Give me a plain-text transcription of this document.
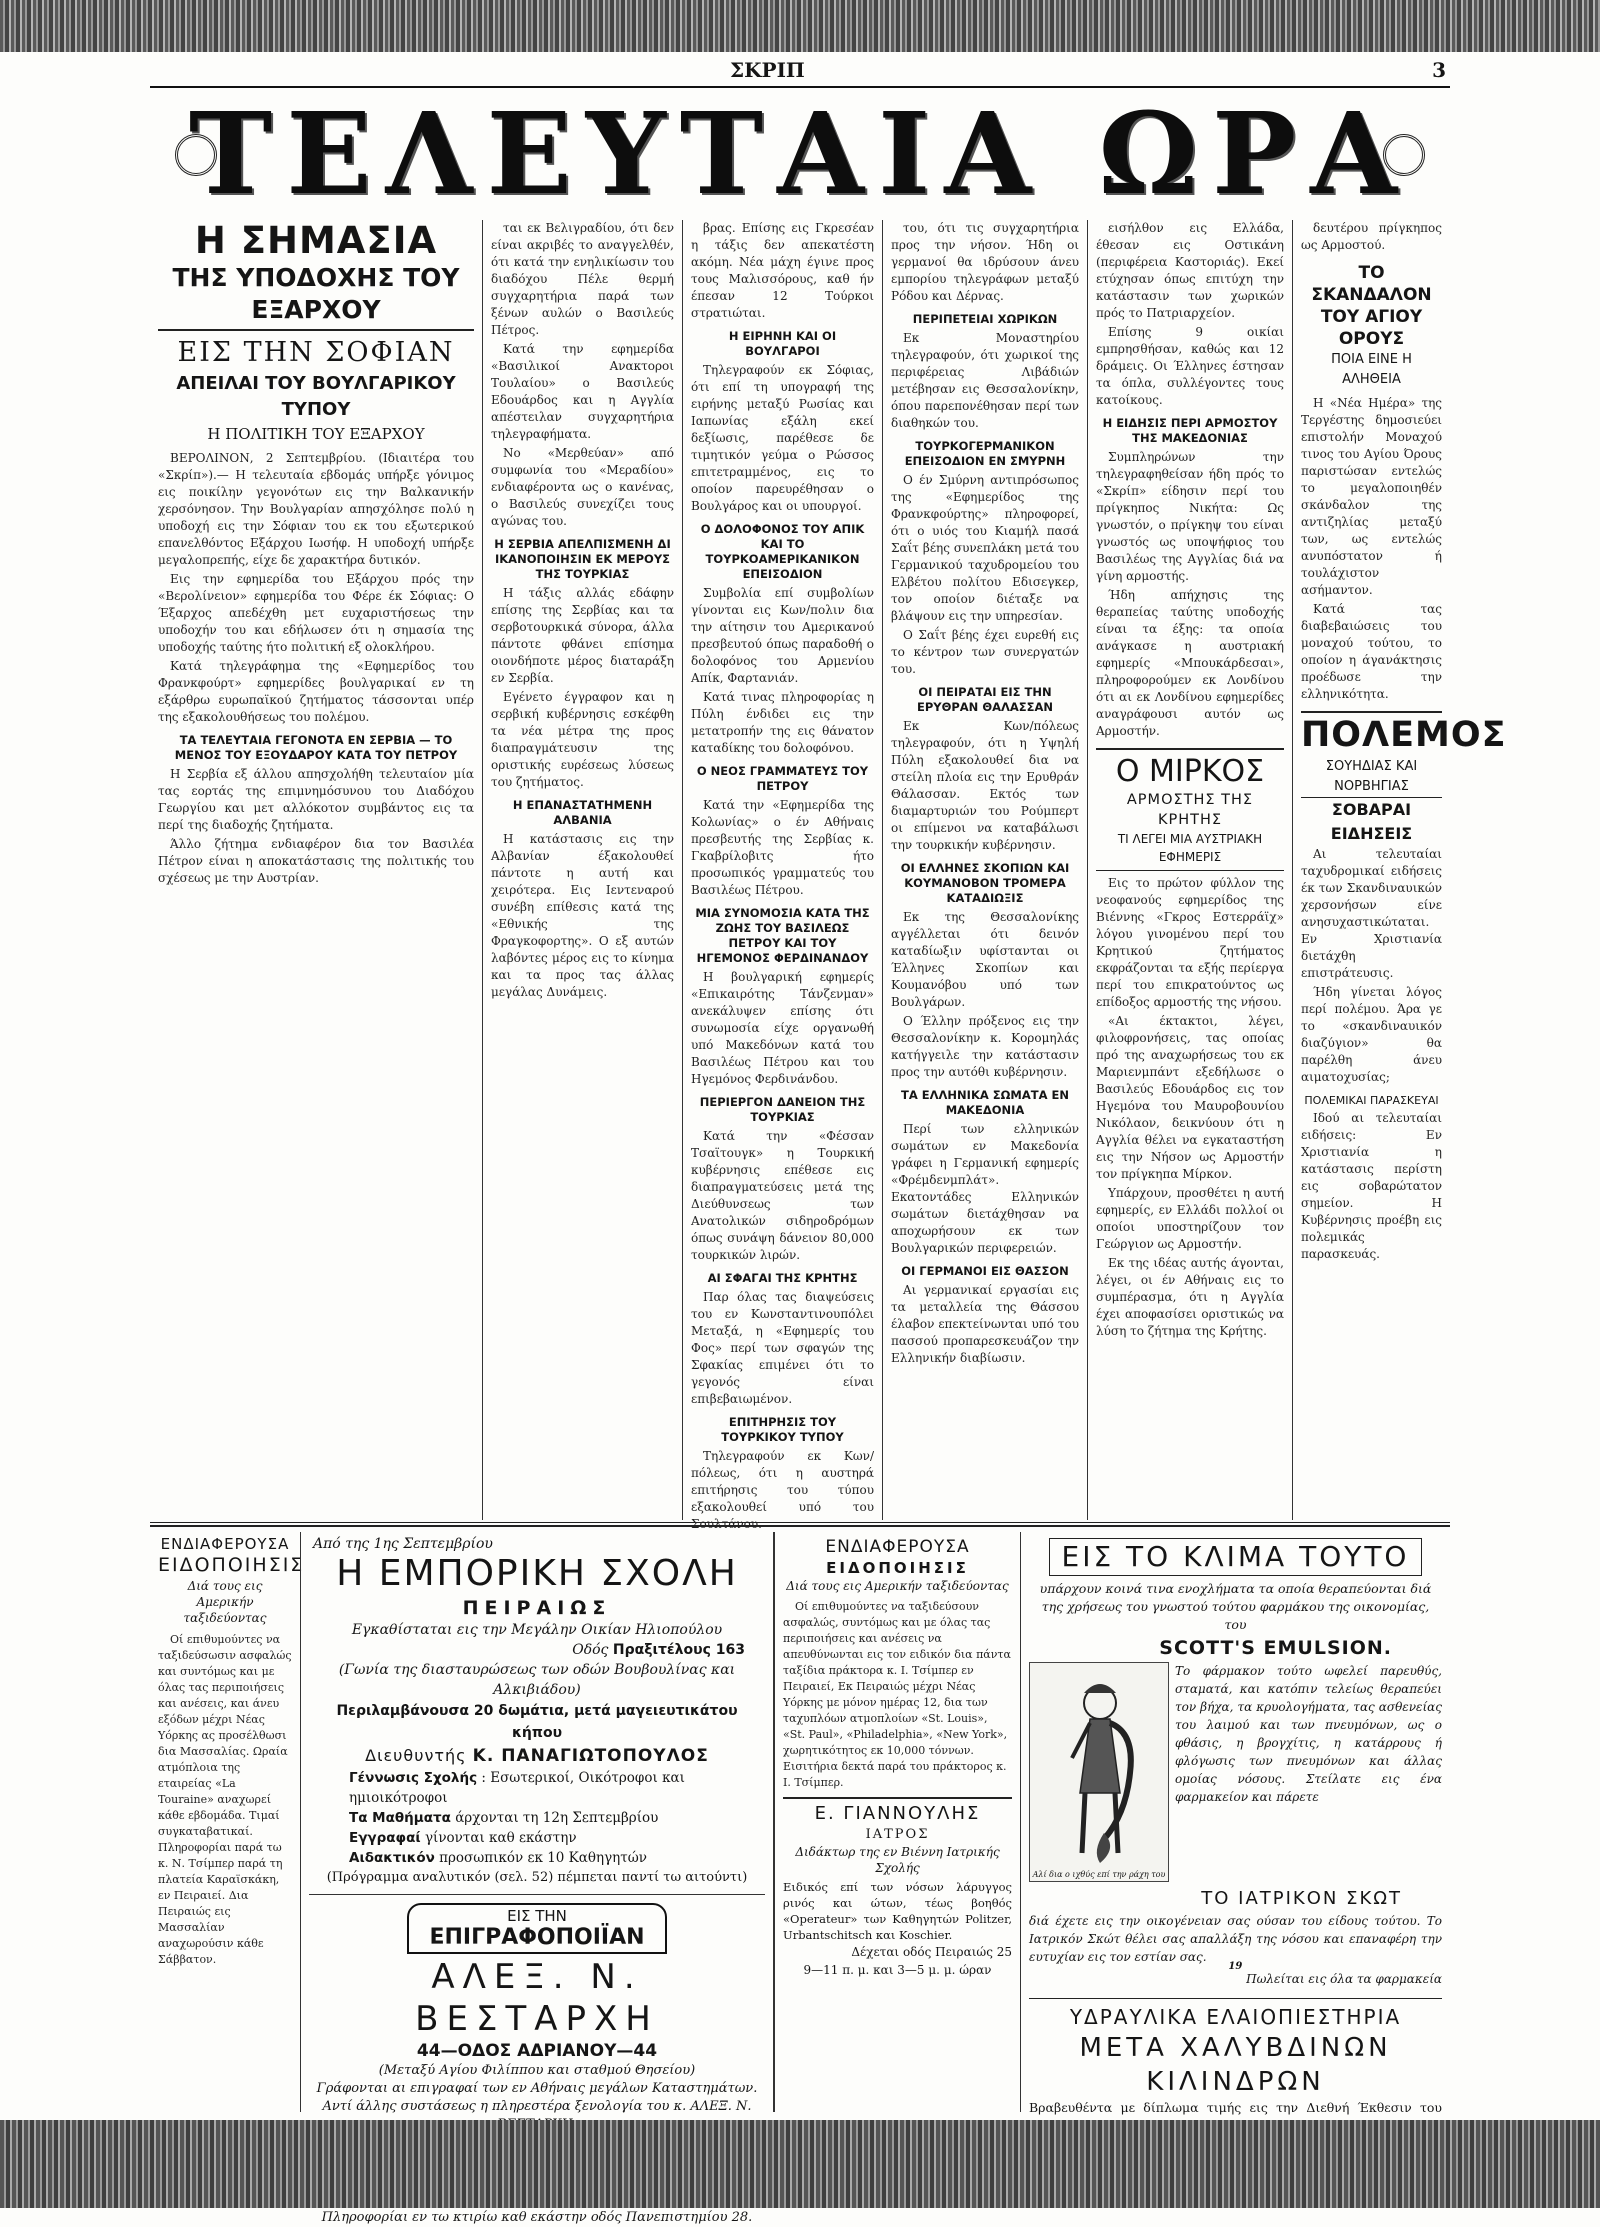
ΣΚΡΙΠ	3
ΤΕΛΕΥΤΑΙΑ ΩΡΑ
Η ΣΗΜΑΣΙΑ
ΤΗΣ ΥΠΟΔΟΧΗΣ ΤΟΥ ΕΞΑΡΧΟΥ
ΕΙΣ ΤΗΝ ΣΟΦΙΑΝ
ΑΠΕΙΛΑΙ ΤΟΥ ΒΟΥΛΓΑΡΙΚΟΥ ΤΥΠΟΥ
Η ΠΟΛΙΤΙΚΗ ΤΟΥ ΕΞΑΡΧΟΥ

ΒΕΡΟΛΙΝΟΝ, 2 Σεπτεμβρίου. (Ιδιαιτέρα του «Σκρίπ»).— Η τελευταία εβδομάς υπήρξε γόνιμος εις ποικίλην γεγονότων εις την Βαλκανικήν χερσόνησον. Την Βουλγαρίαν απησχόλησε πολύ η υποδοχή εις την Σόφιαν του εκ του εξωτερικού επανελθόντος Εξάρχου Ιωσήφ. Η υποδοχή υπήρξε μεγαλοπρεπής, είχε δε χαρακτήρα δυτικόν.

Εις την εφημερίδα του Εξάρχου πρός την «Βερολίνειον» εφημερίδα του Φέρε έκ Σόφιας: Ο Έξαρχος απεδέχθη μετ ευχαριστήσεως την υποδοχήν του και εδήλωσεν ότι η σημασία της υποδοχής ταύτης ήτο πολιτική εξ ολοκλήρου.

Κατά τηλεγράφημα της «Εφημερίδος του Φρανκφούρτ» εφημερίδες βουλγαρικαί εν τη εξάρθρω ευρωπαϊκού ζητήματος τάσσονται υπέρ της εξακολουθήσεως του πολέμου.

ΤΑ ΤΕΛΕΥΤΑΙΑ ΓΕΓΟΝΟΤΑ ΕΝ ΣΕΡΒΙΑ — ΤΟ ΜΕΝΟΣ ΤΟΥ ΕΞΟΥΔΑΡΟΥ ΚΑΤΑ ΤΟΥ ΠΕΤΡΟΥ

Η Σερβία εξ άλλου απησχολήθη τελευταίον μία τας εορτάς της επιμνημόσυνου του Διαδόχου Γεωργίου και μετ αλλόκοτον συμβάντος εις τα περί της διαδοχής ζητήματα.

Άλλο ζήτημα ενδιαφέρον δια τον Βασιλέα Πέτρον είναι η αποκατάστασις της πολιτικής του σχέσεως με την Αυστρίαν.

ται εκ Βελιγραδίου, ότι δεν είναι ακριβές το αναγγελθέν, ότι κατά την ενηλικίωσιν του διαδόχου Πέλε θερμή συγχαρητήρια παρά των ξένων αυλών ο Βασιλεύς Πέτρος.

Κατά την εφημερίδα «Βασιλικοί Ανακτοροι Τουλαίου» ο Βασιλεύς Εδουάρδος και η Αγγλία απέστειλαν συγχαρητήρια τηλεγραφήματα.

Νο «Μερθεύαν» από συμφωνία του «Μεραδίου» ενδιαφέροντα ως ο κανένας, ο Βασιλεύς συνεχίζει τους αγώνας του.

Η ΣΕΡΒΙΑ ΑΠΕΛΠΙΣΜΕΝΗ ΔΙ ΙΚΑΝΟΠΟΙΗΣΙΝ ΕΚ ΜΕΡΟΥΣ ΤΗΣ ΤΟΥΡΚΙΑΣ

Η τάξις αλλάς εδάφην επίσης της Σερβίας και τα σερβοτουρκικά σύνορα, άλλα πάντοτε φθάνει επίσημα οιονδήποτε μέρος διαταράξη εν Σερβία.

Εγένετο έγγραφον και η σερβική κυβέρνησις εσκέφθη τα νέα μέτρα της προς διαπραγμάτευσιν της οριστικής ευρέσεως λύσεως του ζητήματος.

Η ΕΠΑΝΑΣΤΑΤΗΜΕΝΗ ΑΛΒΑΝΙΑ

Η κατάστασις εις την Αλβανίαν έξακολουθεί πάντοτε η αυτή και χειρότερα. Εις Ιεντεναρού συνέβη επίθεσις κατά της «Εθνικής της Φραγκοφορτης». Ο εξ αυτών λαβόντες μέρος εις το κίνημα και τα προς τας άλλας μεγάλας Δυνάμεις.

βρας. Επίσης εις Γκρεσέαν η τάξις δεν απεκατέστη ακόμη. Νέα μάχη έγινε προς τους Μαλισσόρους, καθ ήν έπεσαν 12 Τούρκοι στρατιώται.

Η ΕΙΡΗΝΗ ΚΑΙ ΟΙ ΒΟΥΛΓΑΡΟΙ

Τηλεγραφούν εκ Σόφιας, ότι επί τη υπογραφή της ειρήνης μεταξύ Ρωσίας και Ιαπωνίας εξάλη εκεί δεξίωσις, παρέθεσε δε τιμητικόν γεύμα ο Ρώσσος επιτετραμμένος, εις το οποίον παρευρέθησαν ο Βουλγάρος και οι υπουργοί.

Ο ΔΟΛΟΦΟΝΟΣ ΤΟΥ ΑΠΙΚ ΚΑΙ ΤΟ ΤΟΥΡΚΟΑΜΕΡΙΚΑΝΙΚΟΝ ΕΠΕΙΣΟΔΙΟΝ

Συμβολία επί συμβολίων γίνονται εις Κων/πολιν δια την αίτησιν του Αμερικανού πρεσβευτού όπως παραδοθή ο δολοφόνος του Αρμενίου Απίκ, Φαρτανιάν.

Κατά τινας πληροφορίας η Πύλη ένδιδει εις την μετατροπήν της εις θάνατον καταδίκης του δολοφόνου.

Ο ΝΕΟΣ ΓΡΑΜΜΑΤΕΥΣ ΤΟΥ ΠΕΤΡΟΥ

Κατά την «Εφημερίδα της Κολωνίας» ο έν Αθήναις πρεσβευτής της Σερβίας κ. Γκαβρίλοβιτς ήτο προσωπικός γραμματεύς του Βασιλέως Πέτρου.

ΜΙΑ ΣΥΝΟΜΟΣΙΑ ΚΑΤΑ ΤΗΣ ΖΩΗΣ ΤΟΥ ΒΑΣΙΛΕΩΣ ΠΕΤΡΟΥ ΚΑΙ ΤΟΥ ΗΓΕΜΟΝΟΣ ΦΕΡΔΙΝΑΝΔΟΥ

Η βουλγαρική εφημερίς «Επικαιρότης Τάνζενμαν» ανεκάλυψεν επίσης ότι συνωμοσία είχε οργανωθή υπό Μακεδόνων κατά του Βασιλέως Πέτρου και του Ηγεμόνος Φερδινάνδου.

ΠΕΡΙΕΡΓΟΝ ΔΑΝΕΙΟΝ ΤΗΣ ΤΟΥΡΚΙΑΣ

Κατά την «Φέσσαν Τσαϊτουγκ» η Τουρκική κυβέρνησις επέθεσε εις διαπραγματεύσεις μετά της Διεύθυνσεως των Ανατολικών σιδηροδρόμων όπως συνάψη δάνειον 80,000 τουρκικών λιρών.

ΑΙ ΣΦΑΓΑΙ ΤΗΣ ΚΡΗΤΗΣ

Παρ όλας τας διαψεύσεις του εν Κωνσταντινουπόλει Μεταξά, η «Εφημερίς του Φος» περί των σφαγών της Σφακίας επιμένει ότι το γεγονός είναι επιβεβαιωμένον.

ΕΠΙΤΗΡΗΣΙΣ ΤΟΥ ΤΟΥΡΚΙΚΟΥ ΤΥΠΟΥ

Τηλεγραφούν εκ Κων/πόλεως, ότι η αυστηρά επιτήρησις του τύπου εξακολουθεί υπό του Σουλτάνου.

του, ότι τις συγχαρητήρια προς την νήσον. Ήδη οι γερμανοί θα ιδρύσουν άνευ εμπορίου τηλεγράφων μεταξύ Ρόδου και Δέρνας.

ΠΕΡΙΠΕΤΕΙΑΙ ΧΩΡΙΚΩΝ

Εκ Μοναστηρίου τηλεγραφούν, ότι χωρικοί της περιφέρειας Λιβάδιών μετέβησαν εις Θεσσαλονίκην, όπου παρεπονέθησαν περί των διαθηκών του.

ΤΟΥΡΚΟΓΕΡΜΑΝΙΚΟΝ ΕΠΕΙΣΟΔΙΟΝ ΕΝ ΣΜΥΡΝΗ

Ο έν Σμύρνη αντιπρόσωπος της «Εφημερίδος της Φρανκφούρτης» πληροφορεί, ότι ο υιός του Κιαμήλ πασά Σαΐτ βέης συνεπλάκη μετά του Γερμανικού ταχυδρομείου του Ελβέτου πολίτου Εδισεγκερ, τον οποίον διέταξε να βλάψουν εις την υπηρεσίαν.

Ο Σαΐτ βέης έχει ευρεθή εις το κέντρον των συνεργατών του.

ΟΙ ΠΕΙΡΑΤΑΙ ΕΙΣ ΤΗΝ ΕΡΥΘΡΑΝ ΘΑΛΑΣΣΑΝ

Εκ Κων/πόλεως τηλεγραφούν, ότι η Υψηλή Πύλη εξακολουθεί δια να στείλη πλοία εις την Ερυθράν Θάλασσαν. Εκτός των διαμαρτυριών του Ρούμπερτ οι επίμενοι να καταβάλωσι την τουρκικήν κυβέρνησιν.

ΟΙ ΕΛΛΗΝΕΣ ΣΚΟΠΙΩΝ ΚΑΙ ΚΟΥΜΑΝΟΒΟΝ ΤΡΟΜΕΡΑ ΚΑΤΑΔΙΩΞΙΣ

Εκ της Θεσσαλονίκης αγγέλλεται ότι δεινόν καταδίωξιν υφίστανται οι Έλληνες Σκοπίων και Κουμανόβου υπό των Βουλγάρων.

Ο Έλλην πρόξενος εις την Θεσσαλονίκην κ. Κορομηλάς κατήγγειλε την κατάστασιν προς την αυτόθι κυβέρνησιν.

ΤΑ ΕΛΛΗΝΙΚΑ ΣΩΜΑΤΑ ΕΝ ΜΑΚΕΔΟΝΙΑ

Περί των ελληνικών σωμάτων εν Μακεδονία γράφει η Γερμανική εφημερίς «Φρέμδενμπλάτ». Εκατοντάδες Ελληνικών σωμάτων διετάχθησαν να αποχωρήσουν εκ των Βουλγαρικών περιφερειών.

ΟΙ ΓΕΡΜΑΝΟΙ ΕΙΣ ΘΑΣΣΟΝ

Αι γερμανικαί εργασίαι εις τα μεταλλεία της Θάσσου έλαβον επεκτείνωνται υπό του πασσού προπαρεσκευάζον την Ελληνικήν διαβίωσιν.

εισήλθον εις Ελλάδα, έθεσαν εις Οστικάνη (περιφέρεια Καστοριάς). Εκεί ετύχησαν όπως επιτύχη την κατάστασιν των χωρικών πρός το Πατριαρχείον.

Επίσης 9 οικίαι εμπρησθήσαν, καθώς και 12 δράμεις. Οι Έλληνες έστησαν τα όπλα, συλλέγοντες τους κατοίκους.

Η ΕΙΔΗΣΙΣ ΠΕΡΙ ΑΡΜΟΣΤΟΥ ΤΗΣ ΜΑΚΕΔΟΝΙΑΣ

Συμπληρώνων την τηλεγραφηθείσαν ήδη πρός το «Σκρίπ» είδησιν περί του πρίγκηπος Νικήτα: Ως γνωστόν, ο πρίγκηψ του είναι γνωστός ως υποψήφιος του Βασιλέως της Αγγλίας διά να γίνη αρμοστής.

Ήδη απήχησις της θεραπείας ταύτης υποδοχής είναι τα έξης: τα οποία ανάγκασε η αυστριακή εφημερίς «Μπουκάρδεσαι», πληροφορούμεν εκ Λονδίνου ότι αι εκ Λονδίνου εφημερίδες αναγράφουσι αυτόν ως Αρμοστήν.

Ο ΜΙΡΚΟΣ
ΑΡΜΟΣΤΗΣ ΤΗΣ ΚΡΗΤΗΣ
ΤΙ ΛΕΓΕΙ ΜΙΑ ΑΥΣΤΡΙΑΚΗ ΕΦΗΜΕΡΙΣ

Εις το πρώτον φύλλον της νεοφανούς εφημερίδος της Βιέννης «Γκρος Εστερράϊχ» λόγου γινομένου περί του Κρητικού ζητήματος εκφράζονται τα εξής περίεργα περί του επικρατούντος ως επίδοξος αρμοστής της νήσου.

«Αι έκτακτοι, λέγει, φιλοφρονήσεις, τας οποίας πρό της αναχωρήσεως του εκ Μαριενμπάντ εξεδήλωσε ο Βασιλεύς Εδουάρδος εις τον Ηγεμόνα του Μαυροβουνίου Νικόλαον, δεικνύουν ότι η Αγγλία θέλει να εγκαταστήση εις την Νήσον ως Αρμοστήν τον πρίγκηπα Μίρκον.

Υπάρχουν, προσθέτει η αυτή εφημερίς, εν Ελλάδι πολλοί οι οποίοι υποστηρίζουν τον Γεώργιον ως Αρμοστήν.

Εκ της ιδέας αυτής άγονται, λέγει, οι έν Αθήναις εις το συμπέρασμα, ότι η Αγγλία έχει αποφασίσει οριστικώς να λύση το ζήτημα της Κρήτης.

δευτέρου πρίγκηπος ως Αρμοστού.

ΤΟ ΣΚΑΝΔΑΛΟΝ ΤΟΥ ΑΓΙΟΥ ΟΡΟΥΣ
ΠΟΙΑ ΕΙΝΕ Η ΑΛΗΘΕΙΑ

Η «Νέα Ημέρα» της Τεργέστης δημοσιεύει επιστολήν Μοναχού τινος του Αγίου Όρους παριστώσαν εντελώς το μεγαλοποιηθέν σκάνδαλον της αντιζηλίας μεταξύ των, ως εντελώς ανυπόστατον ή τουλάχιστον ασήμαντον.

Κατά τας διαβεβαιώσεις του μοναχού τούτου, το οποίον η άγανάκτησις προέδωσε την ελληνικότητα.

ΠΟΛΕΜΟΣ
ΣΟΥΗΔΙΑΣ ΚΑΙ ΝΟΡΒΗΓΙΑΣ
ΣΟΒΑΡΑΙ ΕΙΔΗΣΕΙΣ

Αι τελευταίαι ταχυδρομικαί ειδήσεις έκ των Σκανδιναυικών χερσονήσων είνε ανησυχαστικώταται. Εν Χριστιανία διετάχθη επιστράτευσις.

Ήδη γίνεται λόγος περί πολέμου. Άρα γε το «σκανδιναυικόν διαζύγιον» θα παρέλθη άνευ αιματοχυσίας;

ΠΟΛΕΜΙΚΑΙ ΠΑΡΑΣΚΕΥΑΙ

Ιδού αι τελευταίαι ειδήσεις: Εν Χριστιανία η κατάστασις περίστη εις σοβαρώτατον σημείον. Η Κυβέρνησις προέβη εις πολεμικάς παρασκευάς.

ΕΝΔΙΑΦΕΡΟΥΣΑ
ΕΙΔΟΠΟΙΗΣΙΣ
Διά τους εις Αμερικήν ταξιδεύοντας

Οί επιθυμούντες να ταξιδεύσωσιν ασφαλώς και συντόμως και με όλας τας περιποιήσεις και ανέσεις, και άνευ εξόδων μέχρι Νέας Υόρκης ας προσέλθωσι δια Μασσαλίας. Ωραία ατμόπλοια της εταιρείας «La Touraine» αναχωρεί κάθε εβδομάδα. Τιμαί συγκαταβατικαί. Πληροφορίαι παρά τω κ. Ν. Τσίμπερ παρά τη πλατεία Καραϊσκάκη, εν Πειραιεί. Δια Πειραιώς εις Μασσαλίαν αναχωρούσιν κάθε Σάββατον.

Από της 1ης Σεπτεμβρίου
Η ΕΜΠΟΡΙΚΗ ΣΧΟΛΗ
ΠΕΙΡΑΙΩΣ
Εγκαθίσταται εις την Μεγάλην Οικίαν Ηλιοπούλου
Οδός Πραξιτέλους 163
(Γωνία της διασταυρώσεως των οδών Βουβουλίνας και Αλκιβιάδου)
Περιλαμβάνουσα 20 δωμάτια, μετά μαγειευτικάτου κήπου
Διευθυντής Κ. ΠΑΝΑΓΙΩΤΟΠΟΥΛΟΣ
Γέννωσις Σχολής : Εσωτερικοί, Οικότροφοι και ημιοικότροφοι
Τα Μαθήματα άρχονται τη 12η Σεπτεμβρίου
Εγγραφαί γίνονται καθ εκάστην
Αιδακτικόν προσωπικόν εκ 10 Καθηγητών
(Πρόγραμμα αναλυτικόν (σελ. 52) πέμπεται παντί τω αιτούντι)
ΕΙΣ ΤΗΝ ΕΠΙΓΡΑΦΟΠΟΙΪΑΝ
ΑΛΕΞ. Ν. ΒΕΣΤΑΡΧΗ
44—ΟΔΟΣ ΑΔΡΙΑΝΟΥ—44
(Μεταξύ Αγίου Φιλίππου και σταθμού Θησείου)
Γράφονται αι επιγραφαί των εν Αθήναις μεγάλων Καταστημάτων. Αντί άλλης συστάσεως η πληρεστέρα ξενολογία του κ. ΑΛΕΞ. Ν.
Πληροφορίαι εν τω κτιρίω καθ εκάστην οδός Πανεπιστημίου 28.
ΕΝΔΙΑΦΕΡΟΥΣΑ
ΕΙΔΟΠΟΙΗΣΙΣ
Διά τους εις Αμερικήν ταξιδεύοντας

Οί επιθυμούντες να ταξιδεύσουν ασφαλώς, συντόμως και με όλας τας περιποιήσεις και ανέσεις να απευθύνωνται εις τον ειδικόν δια πάντα ταξίδια πράκτορα κ. Ι. Τσίμπερ εν Πειραιεί, Εκ Πειραιώς μέχρι Νέας Υόρκης με μόνον ημέρας 12, δια των ταχυπλόων ατμοπλοίων «St. Louis», «St. Paul», «Philadelphia», «New York», χωρητικότητος εκ 10,000 τόννων. Εισιτήρια δεκτά παρά του πράκτορος κ. Ι. Τσίμπερ.

Ε. ΓΙΑΝΝΟΥΛΗΣ
ΙΑΤΡΟΣ
Διδάκτωρ της εν Βιέννη Ιατρικής Σχολής

Ειδικός επί των νόσων λάρυγγος ρινός και ώτων, τέως βοηθός «Operateur» των Καθηγητών Politzer, Urbantschitsch και Koschier.

Δέχεται οδός Πειραιώς 25
9—11 π. μ. και 3—5 μ. μ. ώραν
ΕΙΣ ΤΟ ΚΛΙΜΑ ΤΟΥΤΟ
υπάρχουν κοινά τινα ενοχλήματα τα οποία θεραπεύονται διά της χρήσεως του γνωστού τούτου φαρμάκου της οικονομίας, του
SCOTT'S EMULSION.
Αλί δια ο ιχθύς επί την ράχη του
Το φάρμακον τούτο ωφελεί παρευθύς, σταματά, και κατόπιν τελείως θεραπεύει τον βήχα, τα κρυολογήματα, τας ασθενείας του λαιμού και των πνευμόνων, ως ο φθάσις, η βρογχίτις, η κατάρρους ή φλόγωσις των πνευμόνων και άλλας ομοίας νόσους. Στείλατε εις ένα φαρμακείον και πάρετε
ΤΟ ΙΑΤΡΙΚΟΝ ΣΚΩΤ
διά έχετε εις την οικογένειαν σας ούσαν του είδους τούτου. Το Ιατρικόν Σκώτ θέλει σας απαλλάξη της νόσου και επαναφέρη την ευτυχίαν εις τον εστίαν σας.
$^{19}$ Πωλείται εις όλα τα φαρμακεία
ΥΔΡΑΥΛΙΚΑ ΕΛΑΙΟΠΙΕΣΤΗΡΙΑ
ΜΕΤΑ ΧΑΛΥΒΔΙΝΩΝ ΚΙΛΙΝΔΡΩΝ
Βραβευθέντα με δίπλωμα τιμής εις την Διεθνή Έκθεσιν του
